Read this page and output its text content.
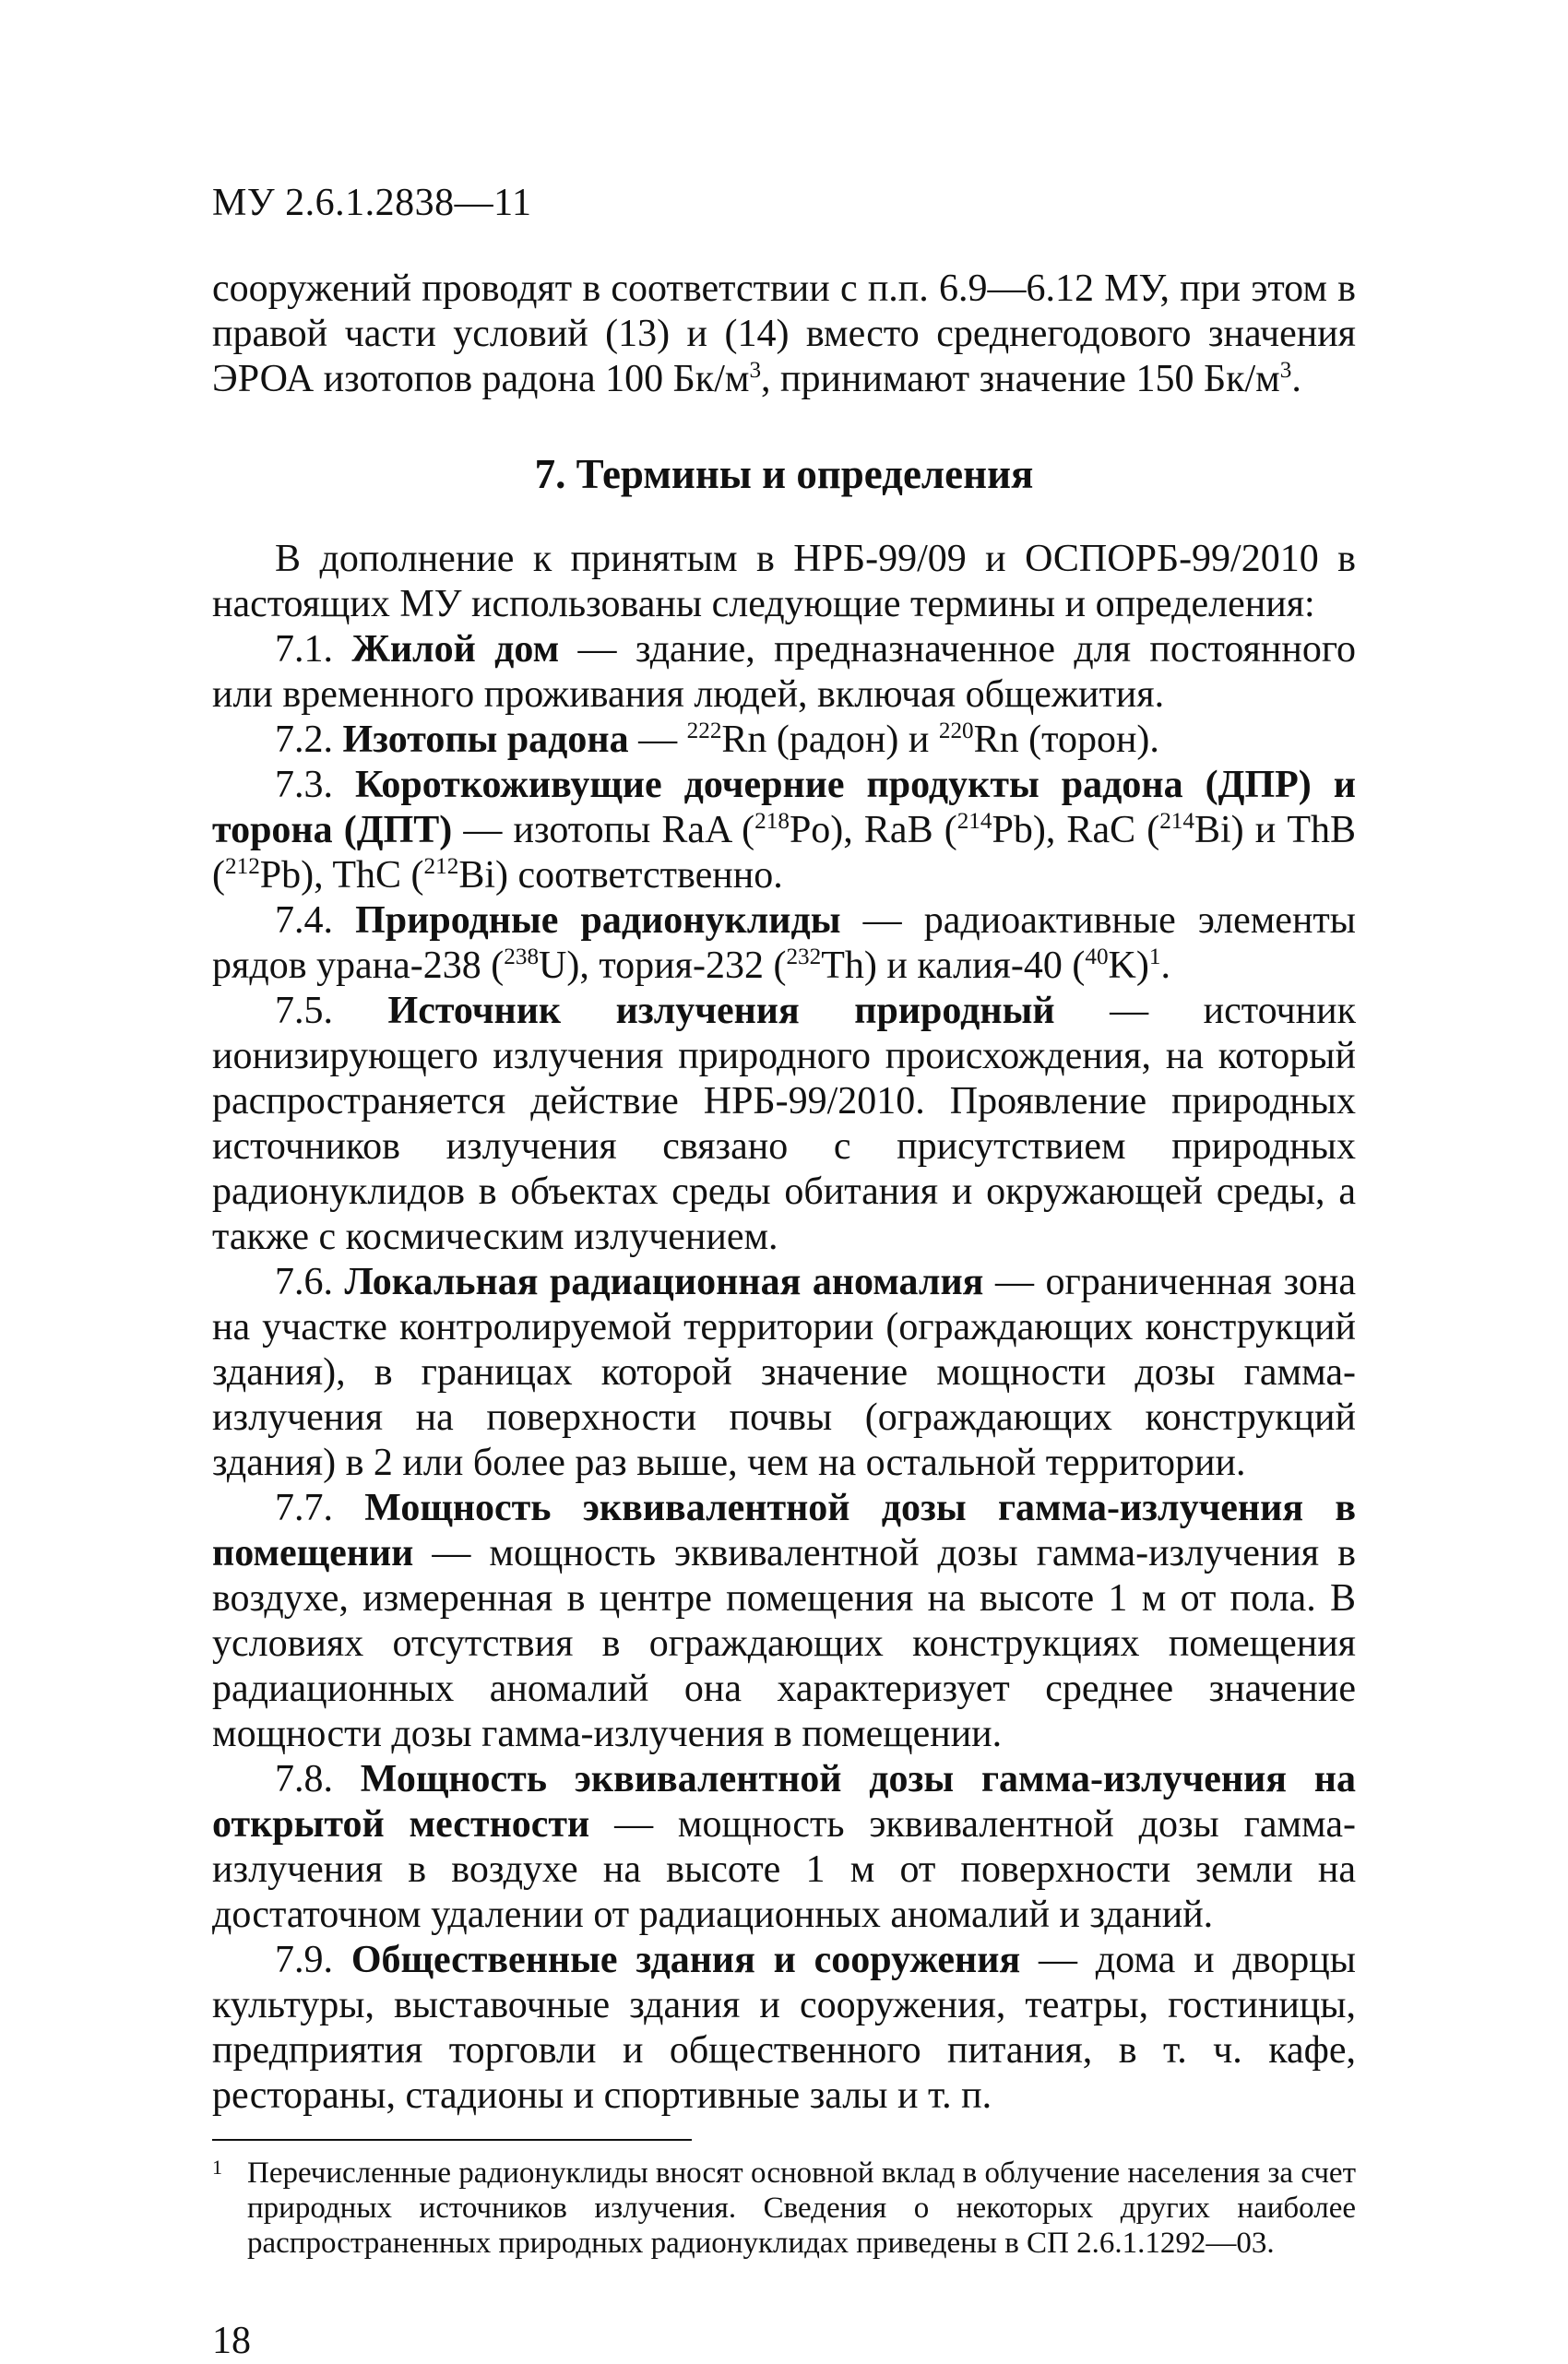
МУ 2.6.1.2838—11

сооружений проводят в соответствии с п.п. 6.9—6.12 МУ, при этом в правой части условий (13) и (14) вместо среднегодового значения ЭРОА изотопов радона 100 $Бк/м^3$, принимают значение 150 $Бк/м^3$.

7. Термины и определения

В дополнение к принятым в НРБ-99/09 и ОСПОРБ-99/2010 в настоящих МУ использованы следующие термины и определения:

7.1. Жилой дом — здание, предназначенное для постоянного или временного проживания людей, включая общежития.

7.2. Изотопы радона — $^{222}$Rn (радон) и $^{220}$Rn (торон).

7.3. Короткоживущие дочерние продукты радона (ДПР) и торона (ДПТ) — изотопы RaA ($^{218}$Po), RaB ($^{214}$Pb), RaC ($^{214}$Bi) и ThB ($^{212}$Pb), ThC ($^{212}$Bi) соответственно.

7.4. Природные радионуклиды — радиоактивные элементы рядов урана-238 ($^{238}$U), тория-232 ($^{232}$Th) и калия-40 $(^{40}K)^1$.

7.5. Источник излучения природный — источник ионизирующего излучения природного происхождения, на который распространяется действие НРБ-99/2010. Проявление природных источников излучения связано с присутствием природных радионуклидов в объектах среды обитания и окружающей среды, а также с космическим излучением.

7.6. Локальная радиационная аномалия — ограниченная зона на участке контролируемой территории (ограждающих конструкций здания), в границах которой значение мощности дозы гамма-излучения на поверхности почвы (ограждающих конструкций здания) в 2 или более раз выше, чем на остальной территории.

7.7. Мощность эквивалентной дозы гамма-излучения в помещении — мощность эквивалентной дозы гамма-излучения в воздухе, измеренная в центре помещения на высоте 1 м от пола. В условиях отсутствия в ограждающих конструкциях помещения радиационных аномалий она характеризует среднее значение мощности дозы гамма-излучения в помещении.

7.8. Мощность эквивалентной дозы гамма-излучения на открытой местности — мощность эквивалентной дозы гамма-излучения в воздухе на высоте 1 м от поверхности земли на достаточном удалении от радиационных аномалий и зданий.

7.9. Общественные здания и сооружения — дома и дворцы культуры, выставочные здания и сооружения, театры, гостиницы, предприятия торговли и общественного питания, в т. ч. кафе, рестораны, стадионы и спортивные залы и т. п.

1 Перечисленные радионуклиды вносят основной вклад в облучение населения за счет природных источников излучения. Сведения о некоторых других наиболее распространенных природных радионуклидах приведены в СП 2.6.1.1292—03.

18
